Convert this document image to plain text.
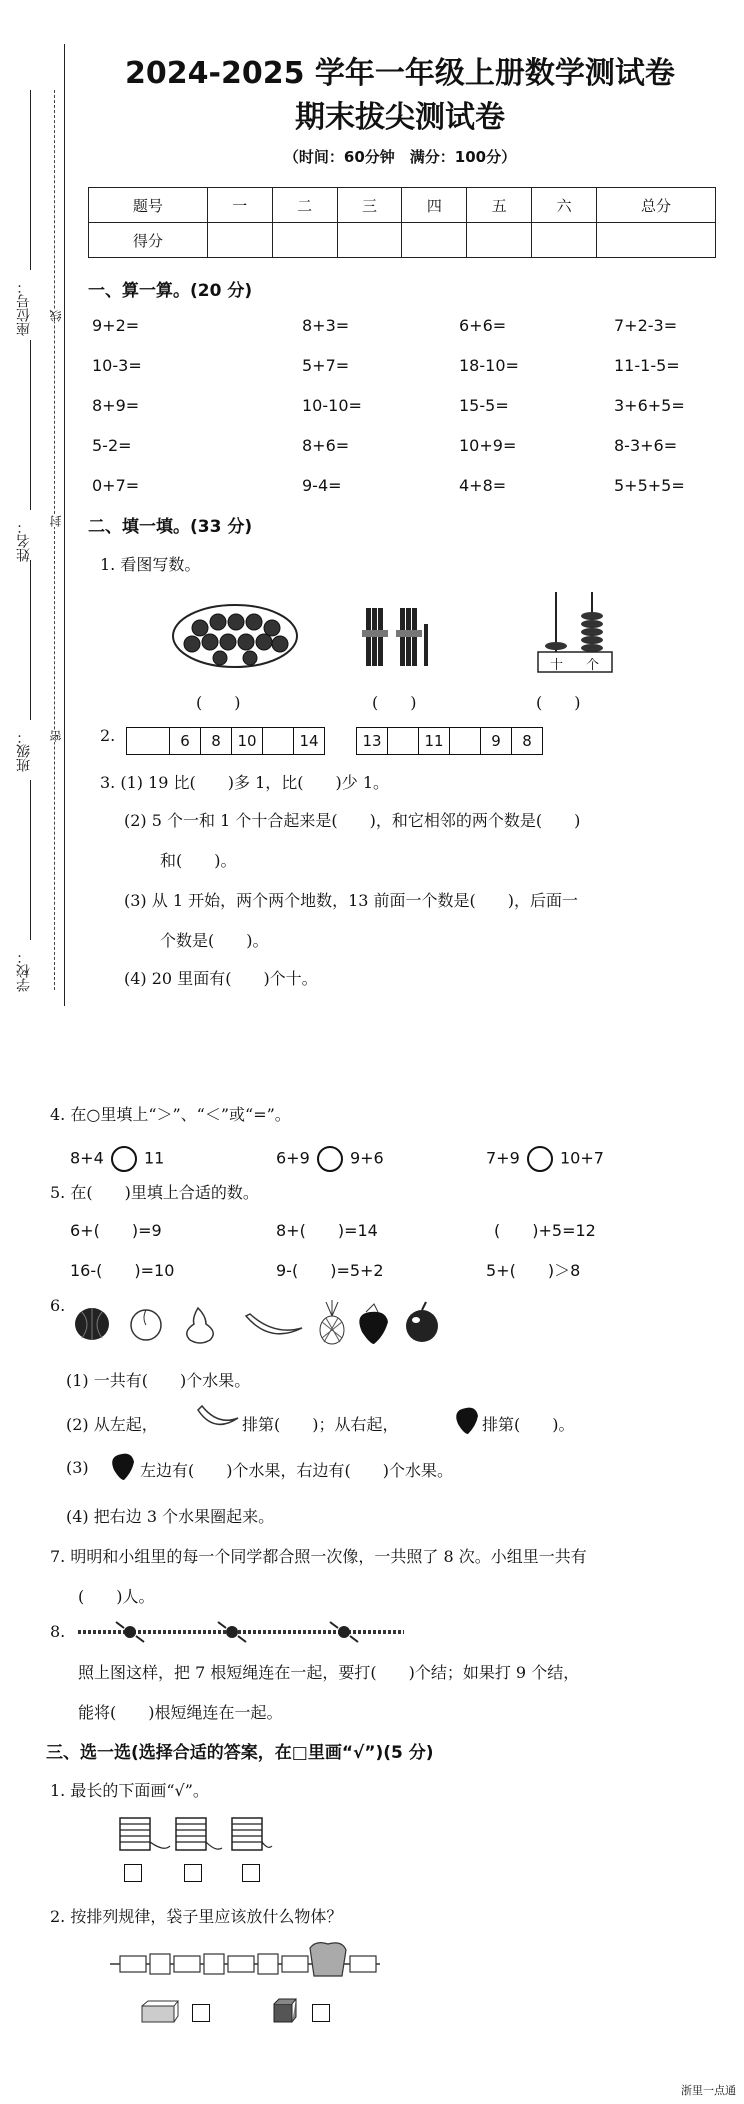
座位号：
姓名：
班级：
学校：
线
封
密
2024-2025 学年一年级上册数学测试卷
期末拔尖测试卷
（时间：60分钟　满分：100分）
题号	一	二	三	四	五	六	总分
得分							
一、算一算。(20 分)
9+2=	8+3=	6+6=	7+2-3=
10-3=	5+7=	18-10=	11-1-5=
8+9=	10-10=	15-5=	3+6+5=
5-2=	8+6=	10+9=	8-3+6=
0+7=	9-4=	4+8=	5+5+5=
二、填一填。(33 分)
1. 看图写数。
十 个
(　　)	(　　)	(　　)
2.	6	8	10	14	13	11	9	8
3. (1) 19 比(　　)多 1，比(　　)少 1。
(2) 5 个一和 1 个十合起来是(　　)，和它相邻的两个数是(　　)
和(　　)。
(3) 从 1 开始，两个两个地数，13 前面一个数是(　　)，后面一
个数是(　　)。
(4) 20 里面有(　　)个十。
4. 在○里填上“＞”、“＜”或“=”。
8+4	11	6+9	9+6	7+9	10+7
5. 在(　　)里填上合适的数。
6+(　　)=9	8+(　　)=14	(　　)+5=12
16-(　　)=10	9-(　　)=5+2	5+(　　)＞8
6.
(1) 一共有(　　)个水果。
(2) 从左起，	排第(　　)；从右起，	排第(　　)。
(3)	左边有(　　)个水果，右边有(　　)个水果。
(4) 把右边 3 个水果圈起来。
7. 明明和小组里的每一个同学都合照一次像，一共照了 8 次。小组里一共有
(　　)人。
8.
照上图这样，把 7 根短绳连在一起，要打(　　)个结；如果打 9 个结，
能将(　　)根短绳连在一起。
三、选一选(选择合适的答案，在□里画“√”)(5 分)
1. 最长的下面画“√”。
2. 按排列规律，袋子里应该放什么物体？
浙里一点通
